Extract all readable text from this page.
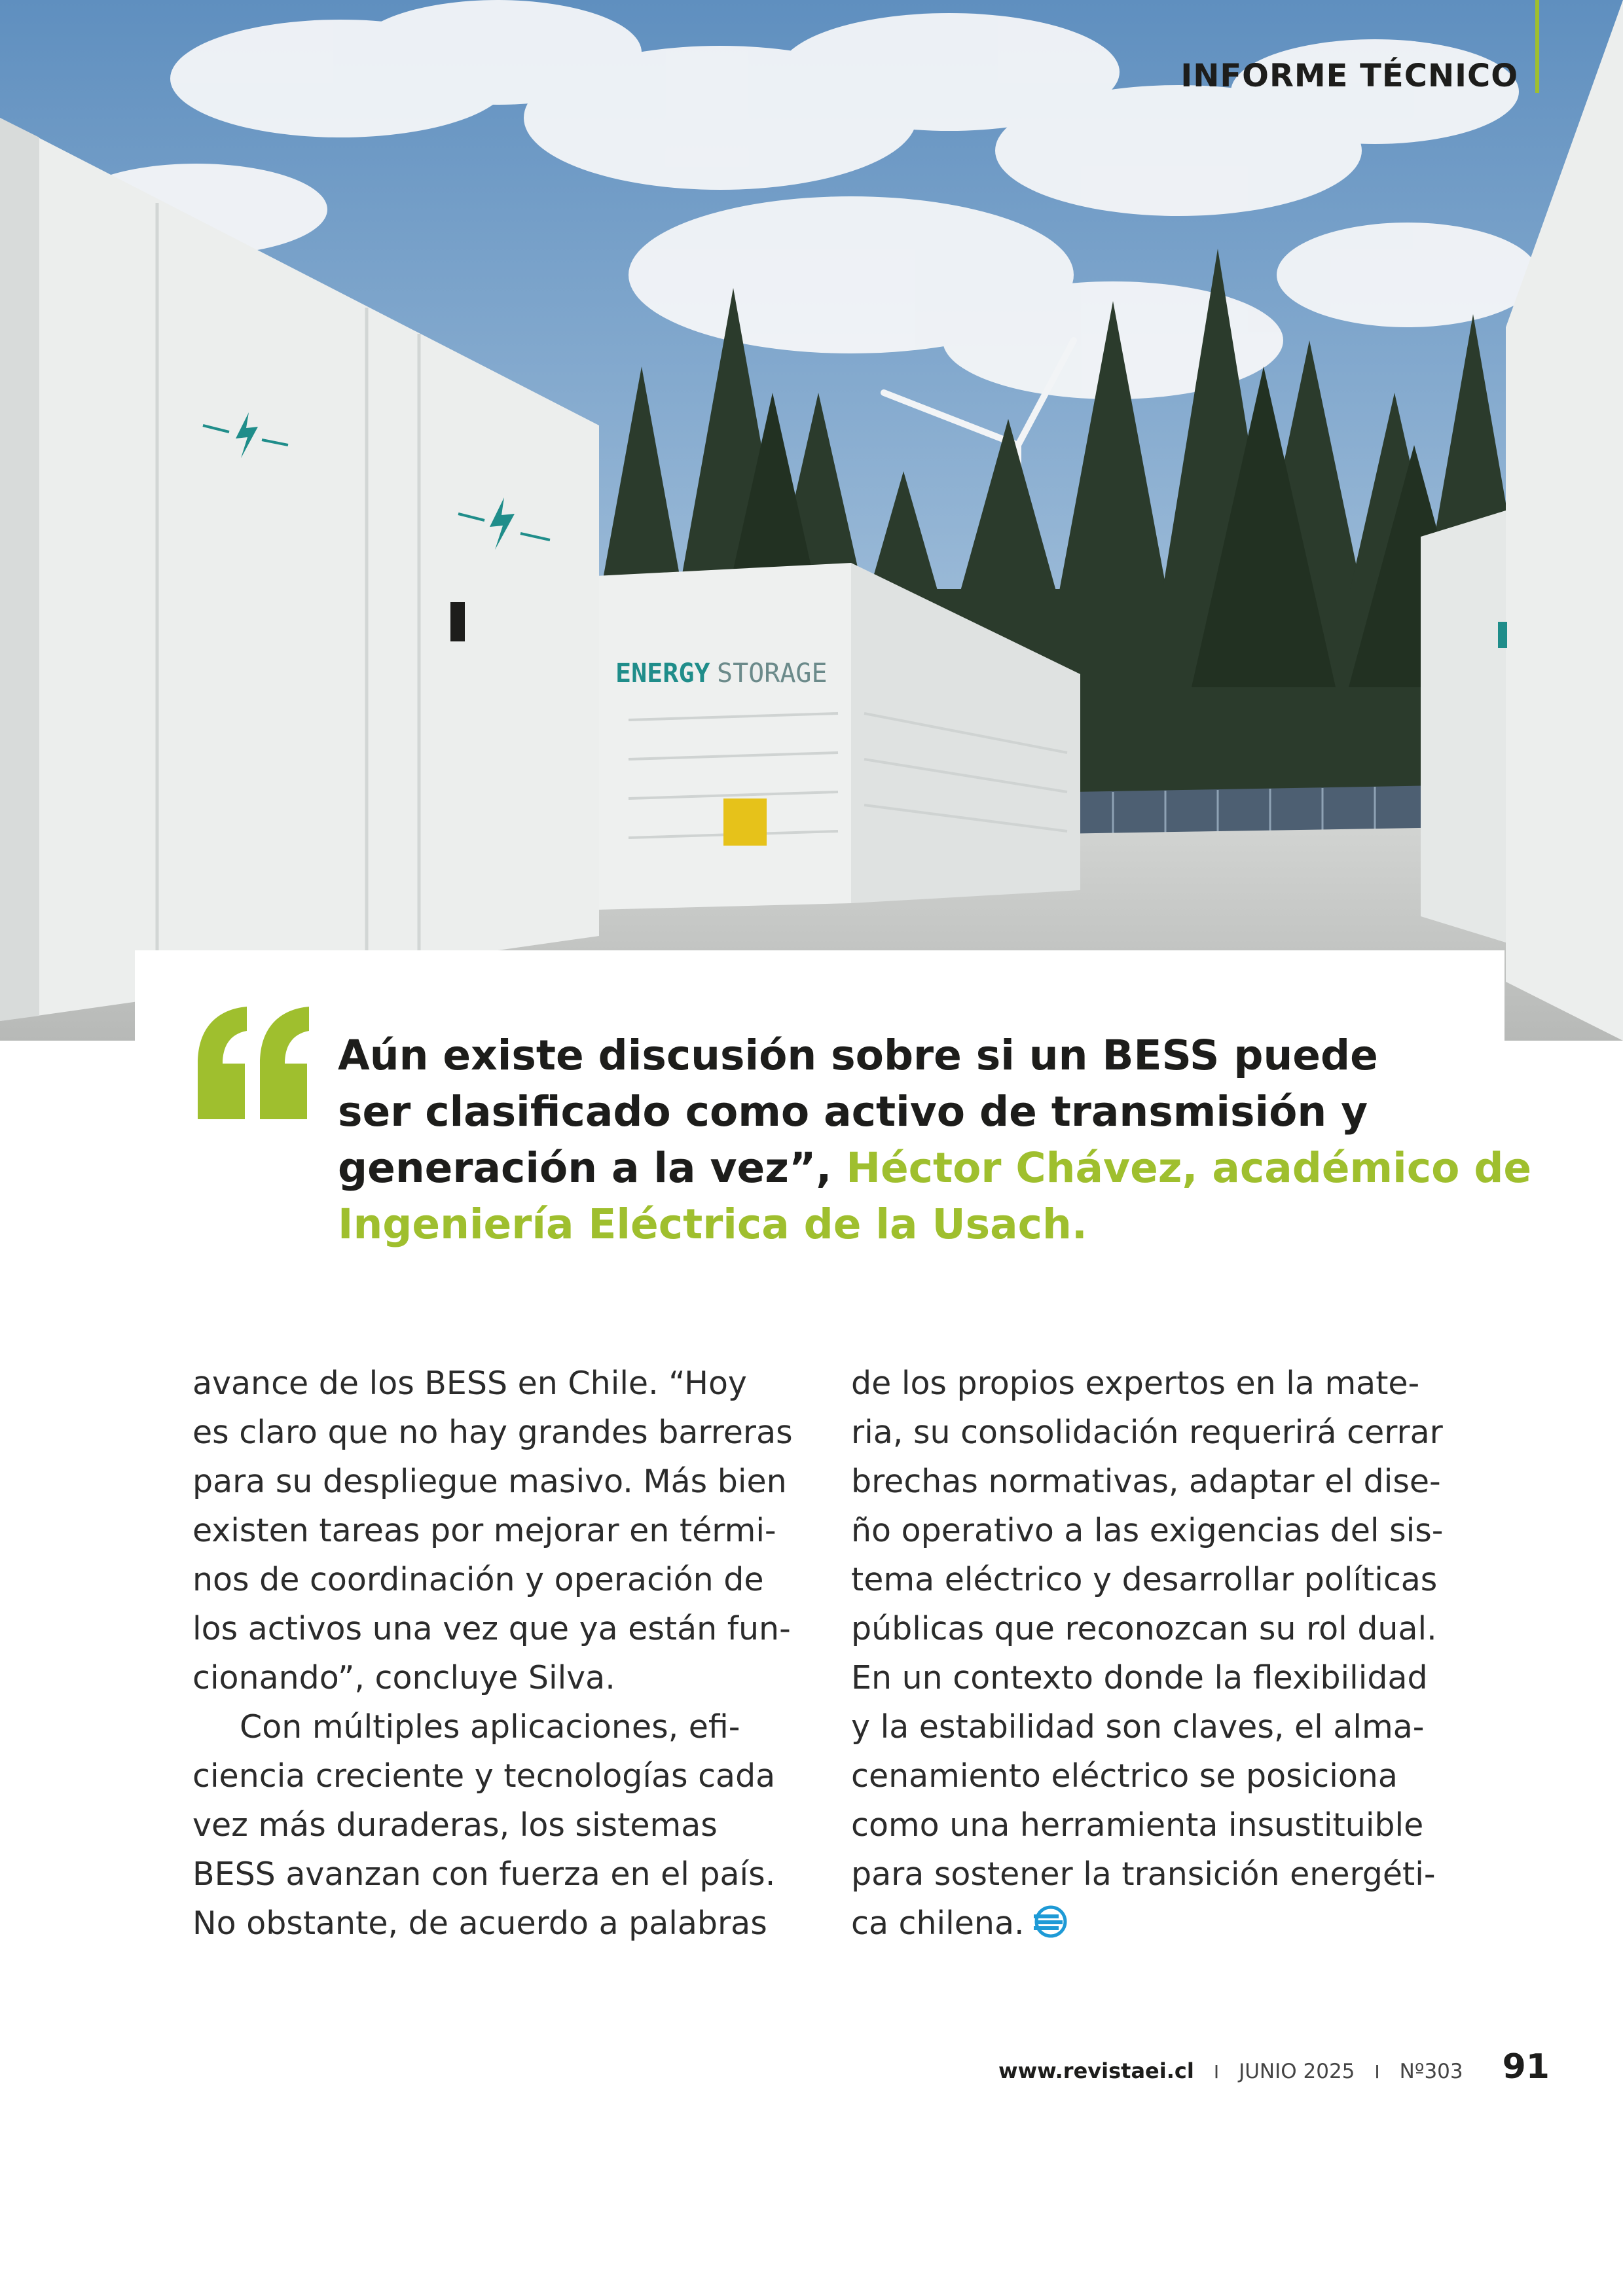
ENERGY STORAGE
INFORME TÉCNICO
Aún existe discusión sobre si un BESS puede
ser clasificado como activo de transmisión y
generación a la vez”, Héctor Chávez, académico de
Ingeniería Eléctrica de la Usach.
avance de los BESS en Chile. “Hoy
es claro que no hay grandes barreras
para su despliegue masivo. Más bien
existen tareas por mejorar en térmi-
nos de coordinación y operación de
los activos una vez que ya están fun-
cionando”, concluye Silva.
Con múltiples aplicaciones, efi-
ciencia creciente y tecnologías cada
vez más duraderas, los sistemas
BESS avanzan con fuerza en el país.
No obstante, de acuerdo a palabras
de los propios expertos en la mate-
ria, su consolidación requerirá cerrar
brechas normativas, adaptar el dise-
ño operativo a las exigencias del sis-
tema eléctrico y desarrollar políticas
públicas que reconozcan su rol dual.
En un contexto donde la flexibilidad
y la estabilidad son claves, el alma-
cenamiento eléctrico se posiciona
como una herramienta insustituible
para sostener la transición energéti-
ca chilena.
www.revistaei.cl I JUNIO 2025 I Nº303 91
